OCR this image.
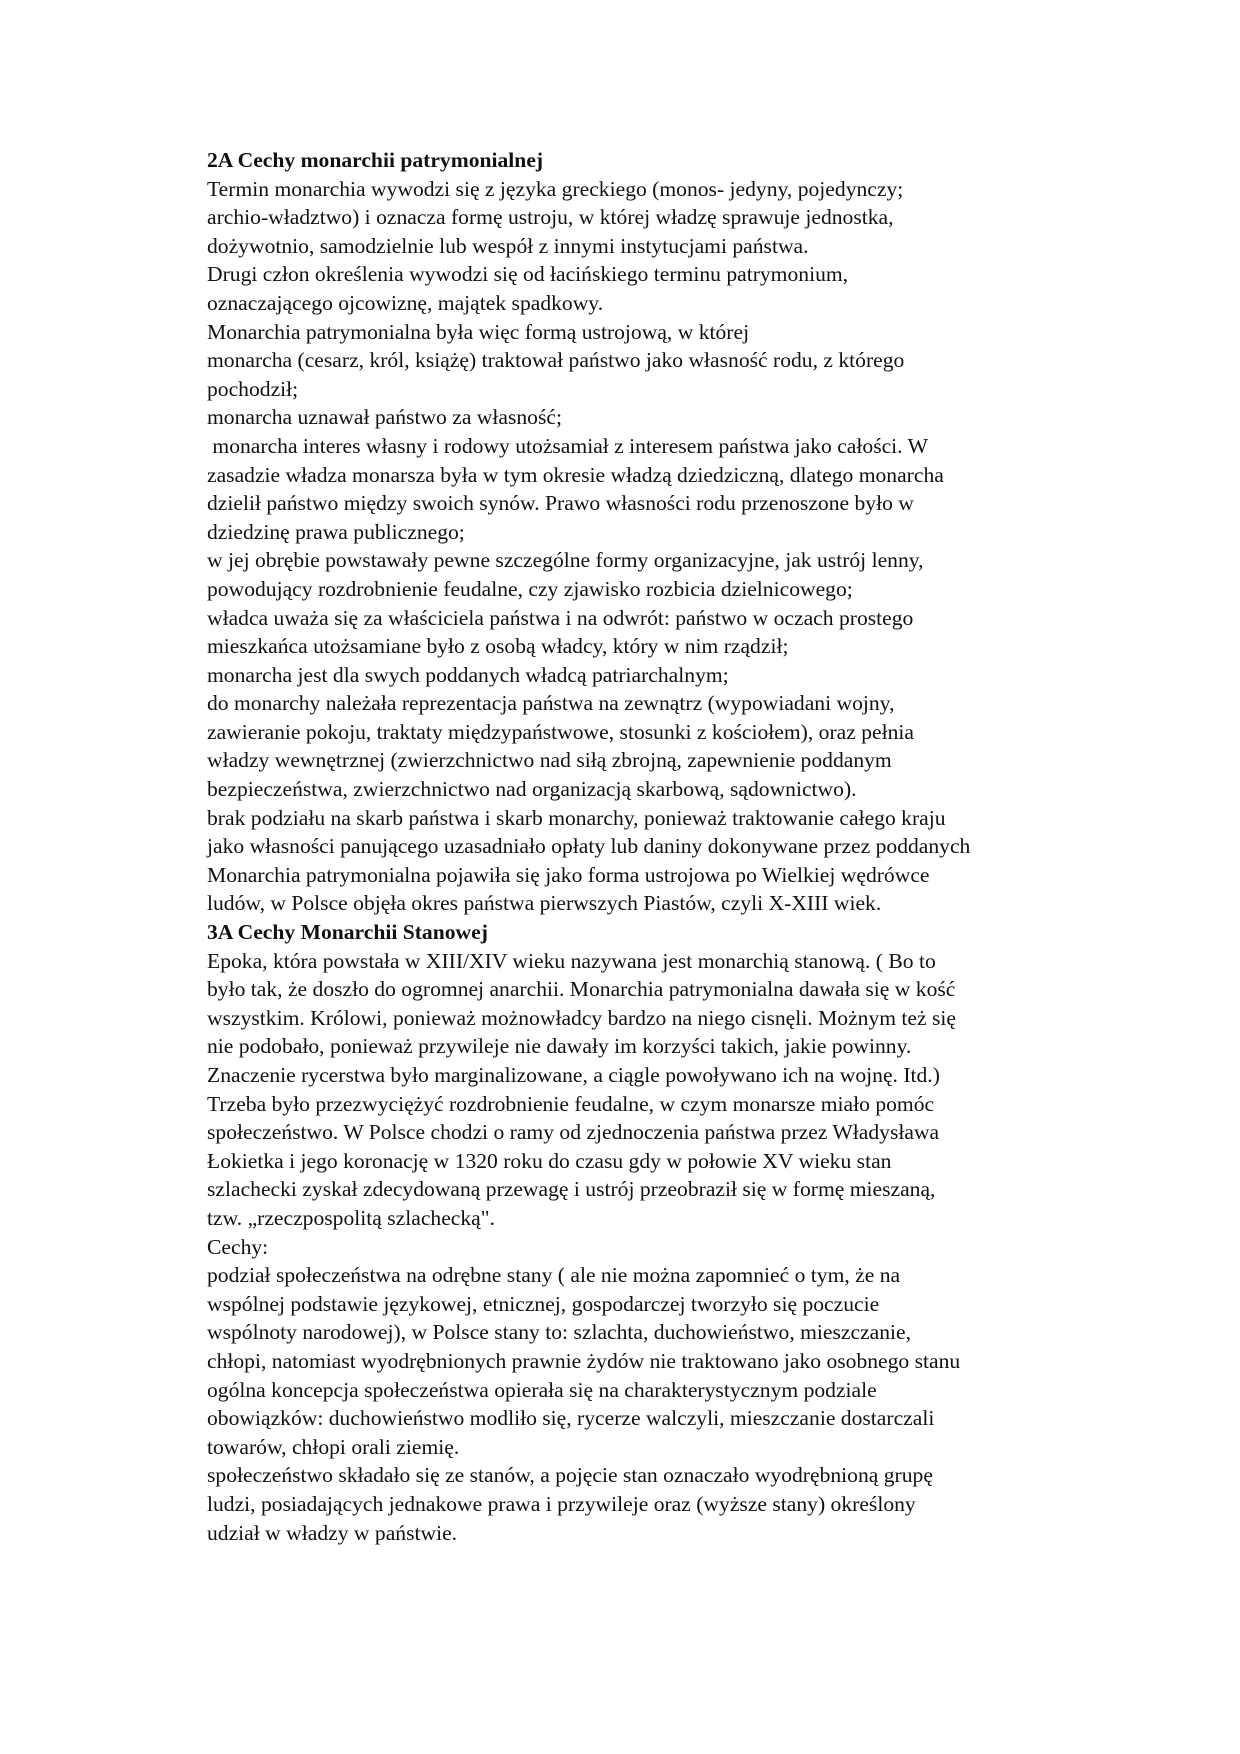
2A Cechy monarchii patrymonialnej
Termin monarchia wywodzi się z języka greckiego (monos- jedyny, pojedynczy;
archio-władztwo) i oznacza formę ustroju, w której władzę sprawuje jednostka,
dożywotnio, samodzielnie lub wespół z innymi instytucjami państwa.
Drugi człon określenia wywodzi się od łacińskiego terminu patrymonium,
oznaczającego ojcowiznę, majątek spadkowy.
Monarchia patrymonialna była więc formą ustrojową, w której
monarcha (cesarz, król, książę) traktował państwo jako własność rodu, z którego
pochodził;
monarcha uznawał państwo za własność;
monarcha interes własny i rodowy utożsamiał z interesem państwa jako całości. W
zasadzie władza monarsza była w tym okresie władzą dziedziczną, dlatego monarcha
dzielił państwo między swoich synów. Prawo własności rodu przenoszone było w
dziedzinę prawa publicznego;
w jej obrębie powstawały pewne szczególne formy organizacyjne, jak ustrój lenny,
powodujący rozdrobnienie feudalne, czy zjawisko rozbicia dzielnicowego;
władca uważa się za właściciela państwa i na odwrót: państwo w oczach prostego
mieszkańca utożsamiane było z osobą władcy, który w nim rządził;
monarcha jest dla swych poddanych władcą patriarchalnym;
do monarchy należała reprezentacja państwa na zewnątrz (wypowiadani wojny,
zawieranie pokoju, traktaty międzypaństwowe, stosunki z kościołem), oraz pełnia
władzy wewnętrznej (zwierzchnictwo nad siłą zbrojną, zapewnienie poddanym
bezpieczeństwa, zwierzchnictwo nad organizacją skarbową, sądownictwo).
brak podziału na skarb państwa i skarb monarchy, ponieważ traktowanie całego kraju
jako własności panującego uzasadniało opłaty lub daniny dokonywane przez poddanych
Monarchia patrymonialna pojawiła się jako forma ustrojowa po Wielkiej wędrówce
ludów, w Polsce objęła okres państwa pierwszych Piastów, czyli X-XIII wiek.
3A Cechy Monarchii Stanowej
Epoka, która powstała w XIII/XIV wieku nazywana jest monarchią stanową. ( Bo to
było tak, że doszło do ogromnej anarchii. Monarchia patrymonialna dawała się w kość
wszystkim. Królowi, ponieważ możnowładcy bardzo na niego cisnęli. Możnym też się
nie podobało, ponieważ przywileje nie dawały im korzyści takich, jakie powinny.
Znaczenie rycerstwa było marginalizowane, a ciągle powoływano ich na wojnę. Itd.)
Trzeba było przezwyciężyć rozdrobnienie feudalne, w czym monarsze miało pomóc
społeczeństwo. W Polsce chodzi o ramy od zjednoczenia państwa przez Władysława
Łokietka i jego koronację w 1320 roku do czasu gdy w połowie XV wieku stan
szlachecki zyskał zdecydowaną przewagę i ustrój przeobraził się w formę mieszaną,
tzw. „rzeczpospolitą szlachecką".
Cechy:
podział społeczeństwa na odrębne stany ( ale nie można zapomnieć o tym, że na
wspólnej podstawie językowej, etnicznej, gospodarczej tworzyło się poczucie
wspólnoty narodowej), w Polsce stany to: szlachta, duchowieństwo, mieszczanie,
chłopi, natomiast wyodrębnionych prawnie żydów nie traktowano jako osobnego stanu
ogólna koncepcja społeczeństwa opierała się na charakterystycznym podziale
obowiązków: duchowieństwo modliło się, rycerze walczyli, mieszczanie dostarczali
towarów, chłopi orali ziemię.
społeczeństwo składało się ze stanów, a pojęcie stan oznaczało wyodrębnioną grupę
ludzi, posiadających jednakowe prawa i przywileje oraz (wyższe stany) określony
udział w władzy w państwie.
